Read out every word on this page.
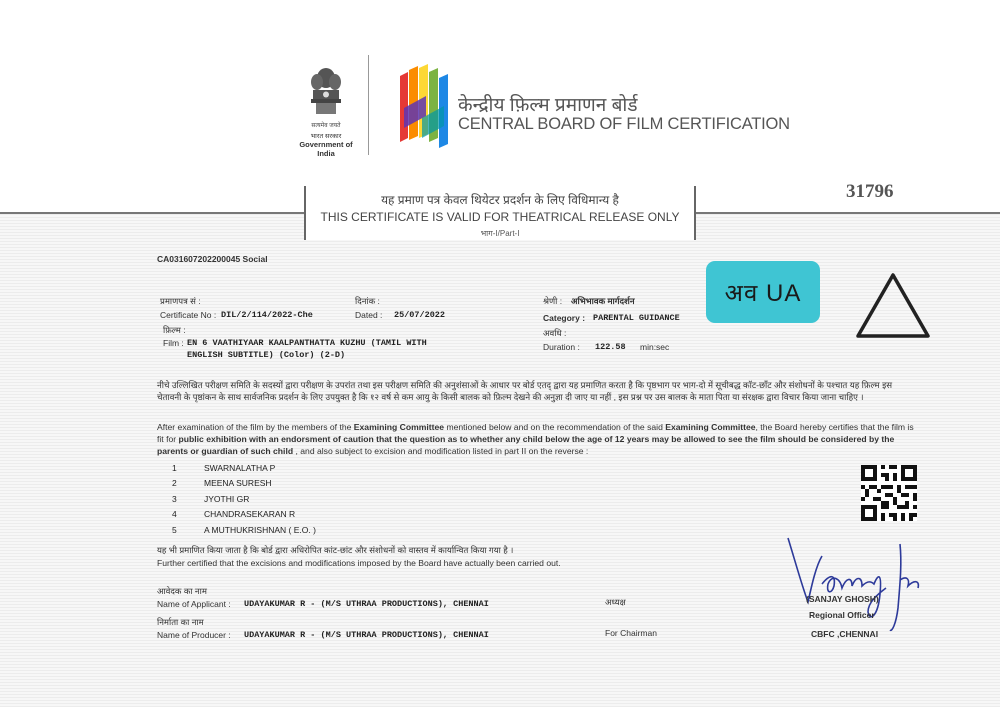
सत्यमेव जयते
भारत सरकार
Government of India
केन्द्रीय फ़िल्म प्रमाणन बोर्ड
CENTRAL BOARD OF FILM CERTIFICATION
31796
यह प्रमाण पत्र केवल थियेटर प्रदर्शन के लिए विधिमान्य है
THIS CERTIFICATE IS VALID FOR THEATRICAL RELEASE ONLY
भाग-I/Part-I
CA031607202200045 Social
प्रमाणपत्र सं :
Certificate No : DIL/2/114/2022-Che
दिनांक :
Dated : 25/07/2022
फ़िल्म :
Film : EN 6 VAATHIYAAR KAALPANTHATTA KUZHU (TAMIL WITH
ENGLISH SUBTITLE) (Color) (2-D)
श्रेणी : अभिभावक मार्गदर्शन
Category : PARENTAL GUIDANCE
अवधि :
Duration : 122.58 min:sec
अव UA
नीचे उल्लिखित परीक्षण समिति के सदस्यों द्वारा परीक्षण के उपरांत तथा इस परीक्षण समिति की अनुशंसाओं के आधार पर बोर्ड एतद् द्वारा यह प्रमाणित करता है कि पृष्ठभाग पर भाग-दो में सूचीबद्ध कॉट-छाँट और संशोधनों के पश्चात यह फ़िल्म इस चेतावनी के पृष्ठांकन के साथ सार्वजनिक प्रदर्शन के लिए उपयुक्त है कि १२ वर्ष से कम आयु के किसी बालक को फ़िल्म देखने की अनुज्ञा दी जाए या नहीं , इस प्रश्न पर उस बालक के माता पिता या संरक्षक द्वारा विचार किया जाना चाहिए ।
After examination of the film by the members of the Examining Committee mentioned below and on the recommendation of the said Examining Committee, the Board hereby certifies that the film is fit for public exhibition with an endorsment of caution that the question as to whether any child below the age of 12 years may be allowed to see the film should be considered by the parents or guardian of such child , and also subject to excision and modification listed in part II on the reverse :
1	SWARNALATHA P
2	MEENA SURESH
3	JYOTHI GR
4	CHANDRASEKARAN R
5	A MUTHUKRISHNAN ( E.O. )
यह भी प्रमाणित किया जाता है कि बोर्ड द्वारा अधिरोपित कांट-छांट और संशोधनों को वास्तव में कार्यान्वित किया गया है ।
Further certified that the excisions and modifications imposed by the Board have actually been carried out.
आवेदक का नाम
Name of Applicant : UDAYAKUMAR R - (M/S UTHRAA PRODUCTIONS), CHENNAI
निर्माता का नाम
Name of Producer : UDAYAKUMAR R - (M/S UTHRAA PRODUCTIONS), CHENNAI
अध्यक्ष
For Chairman
(SANJAY GHOSH)
Regional Officer
CBFC ,CHENNAI
